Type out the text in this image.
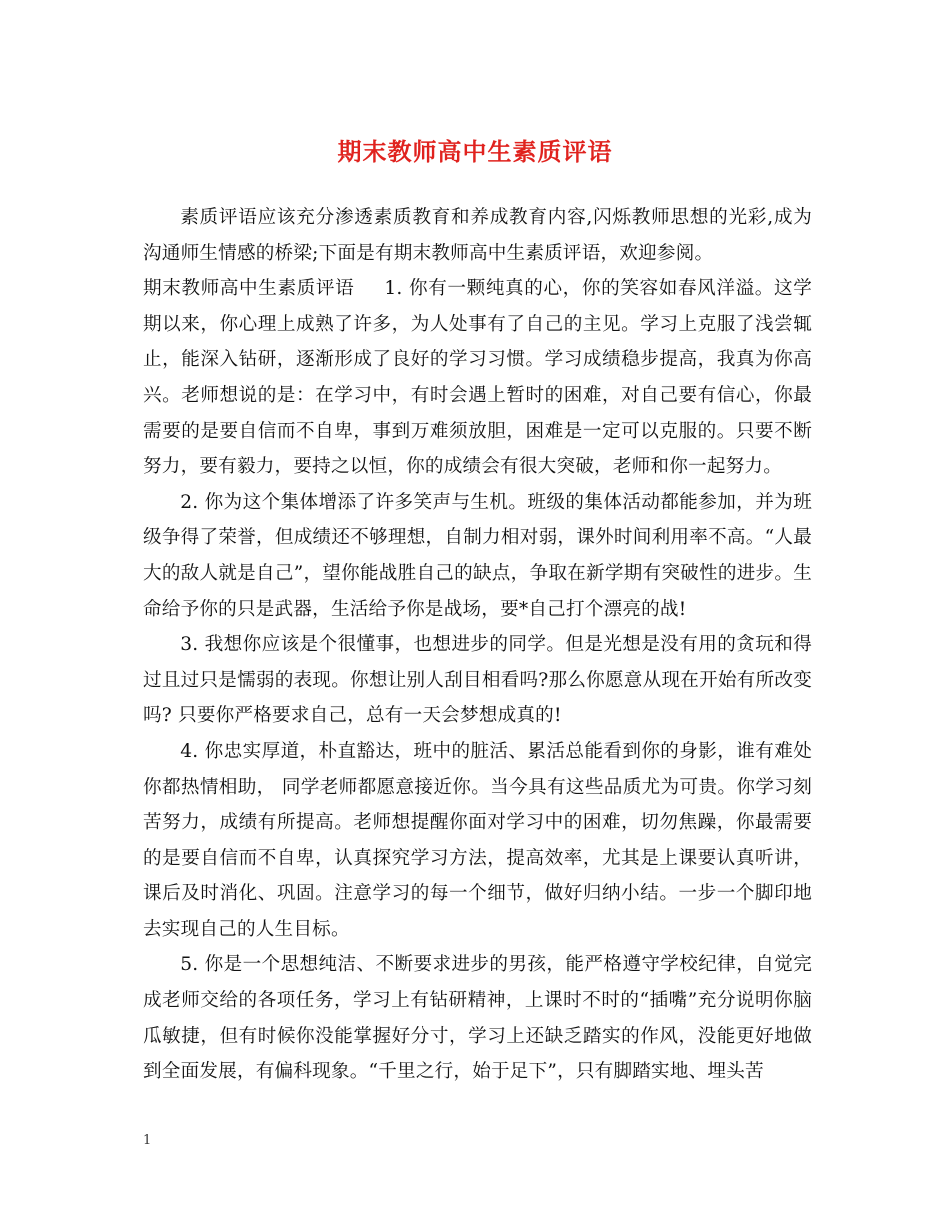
期末教师高中生素质评语

素质评语应该充分渗透素质教育和养成教育内容,闪烁教师思想的光彩,成为沟通师生情感的桥梁;下面是有期末教师高中生素质评语，欢迎参阅。

期末教师高中生素质评语 1. 你有一颗纯真的心，你的笑容如春风洋溢。这学期以来，你心理上成熟了许多，为人处事有了自己的主见。学习上克服了浅尝辄止，能深入钻研，逐渐形成了良好的学习习惯。学习成绩稳步提高，我真为你高兴。老师想说的是：在学习中，有时会遇上暂时的困难，对自己要有信心，你最需要的是要自信而不自卑，事到万难须放胆，困难是一定可以克服的。只要不断努力，要有毅力，要持之以恒，你的成绩会有很大突破，老师和你一起努力。

2. 你为这个集体增添了许多笑声与生机。班级的集体活动都能参加，并为班级争得了荣誉，但成绩还不够理想，自制力相对弱，课外时间利用率不高。“人最大的敌人就是自己”，望你能战胜自己的缺点，争取在新学期有突破性的进步。生命给予你的只是武器，生活给予你是战场，要*自己打个漂亮的战!

3. 我想你应该是个很懂事，也想进步的同学。但是光想是没有用的贪玩和得过且过只是懦弱的表现。你想让别人刮目相看吗?那么你愿意从现在开始有所改变吗? 只要你严格要求自己，总有一天会梦想成真的!

4. 你忠实厚道，朴直豁达，班中的脏活、累活总能看到你的身影，谁有难处你都热情相助， 同学老师都愿意接近你。当今具有这些品质尤为可贵。你学习刻苦努力，成绩有所提高。老师想提醒你面对学习中的困难，切勿焦躁，你最需要的是要自信而不自卑，认真探究学习方法，提高效率，尤其是上课要认真听讲，课后及时消化、巩固。注意学习的每一个细节，做好归纳小结。一步一个脚印地去实现自己的人生目标。

5. 你是一个思想纯洁、不断要求进步的男孩，能严格遵守学校纪律，自觉完成老师交给的各项任务，学习上有钻研精神，上课时不时的“插嘴”充分说明你脑瓜敏捷，但有时候你没能掌握好分寸，学习上还缺乏踏实的作风，没能更好地做到全面发展，有偏科现象。“千里之行，始于足下”，只有脚踏实地、埋头苦

1
